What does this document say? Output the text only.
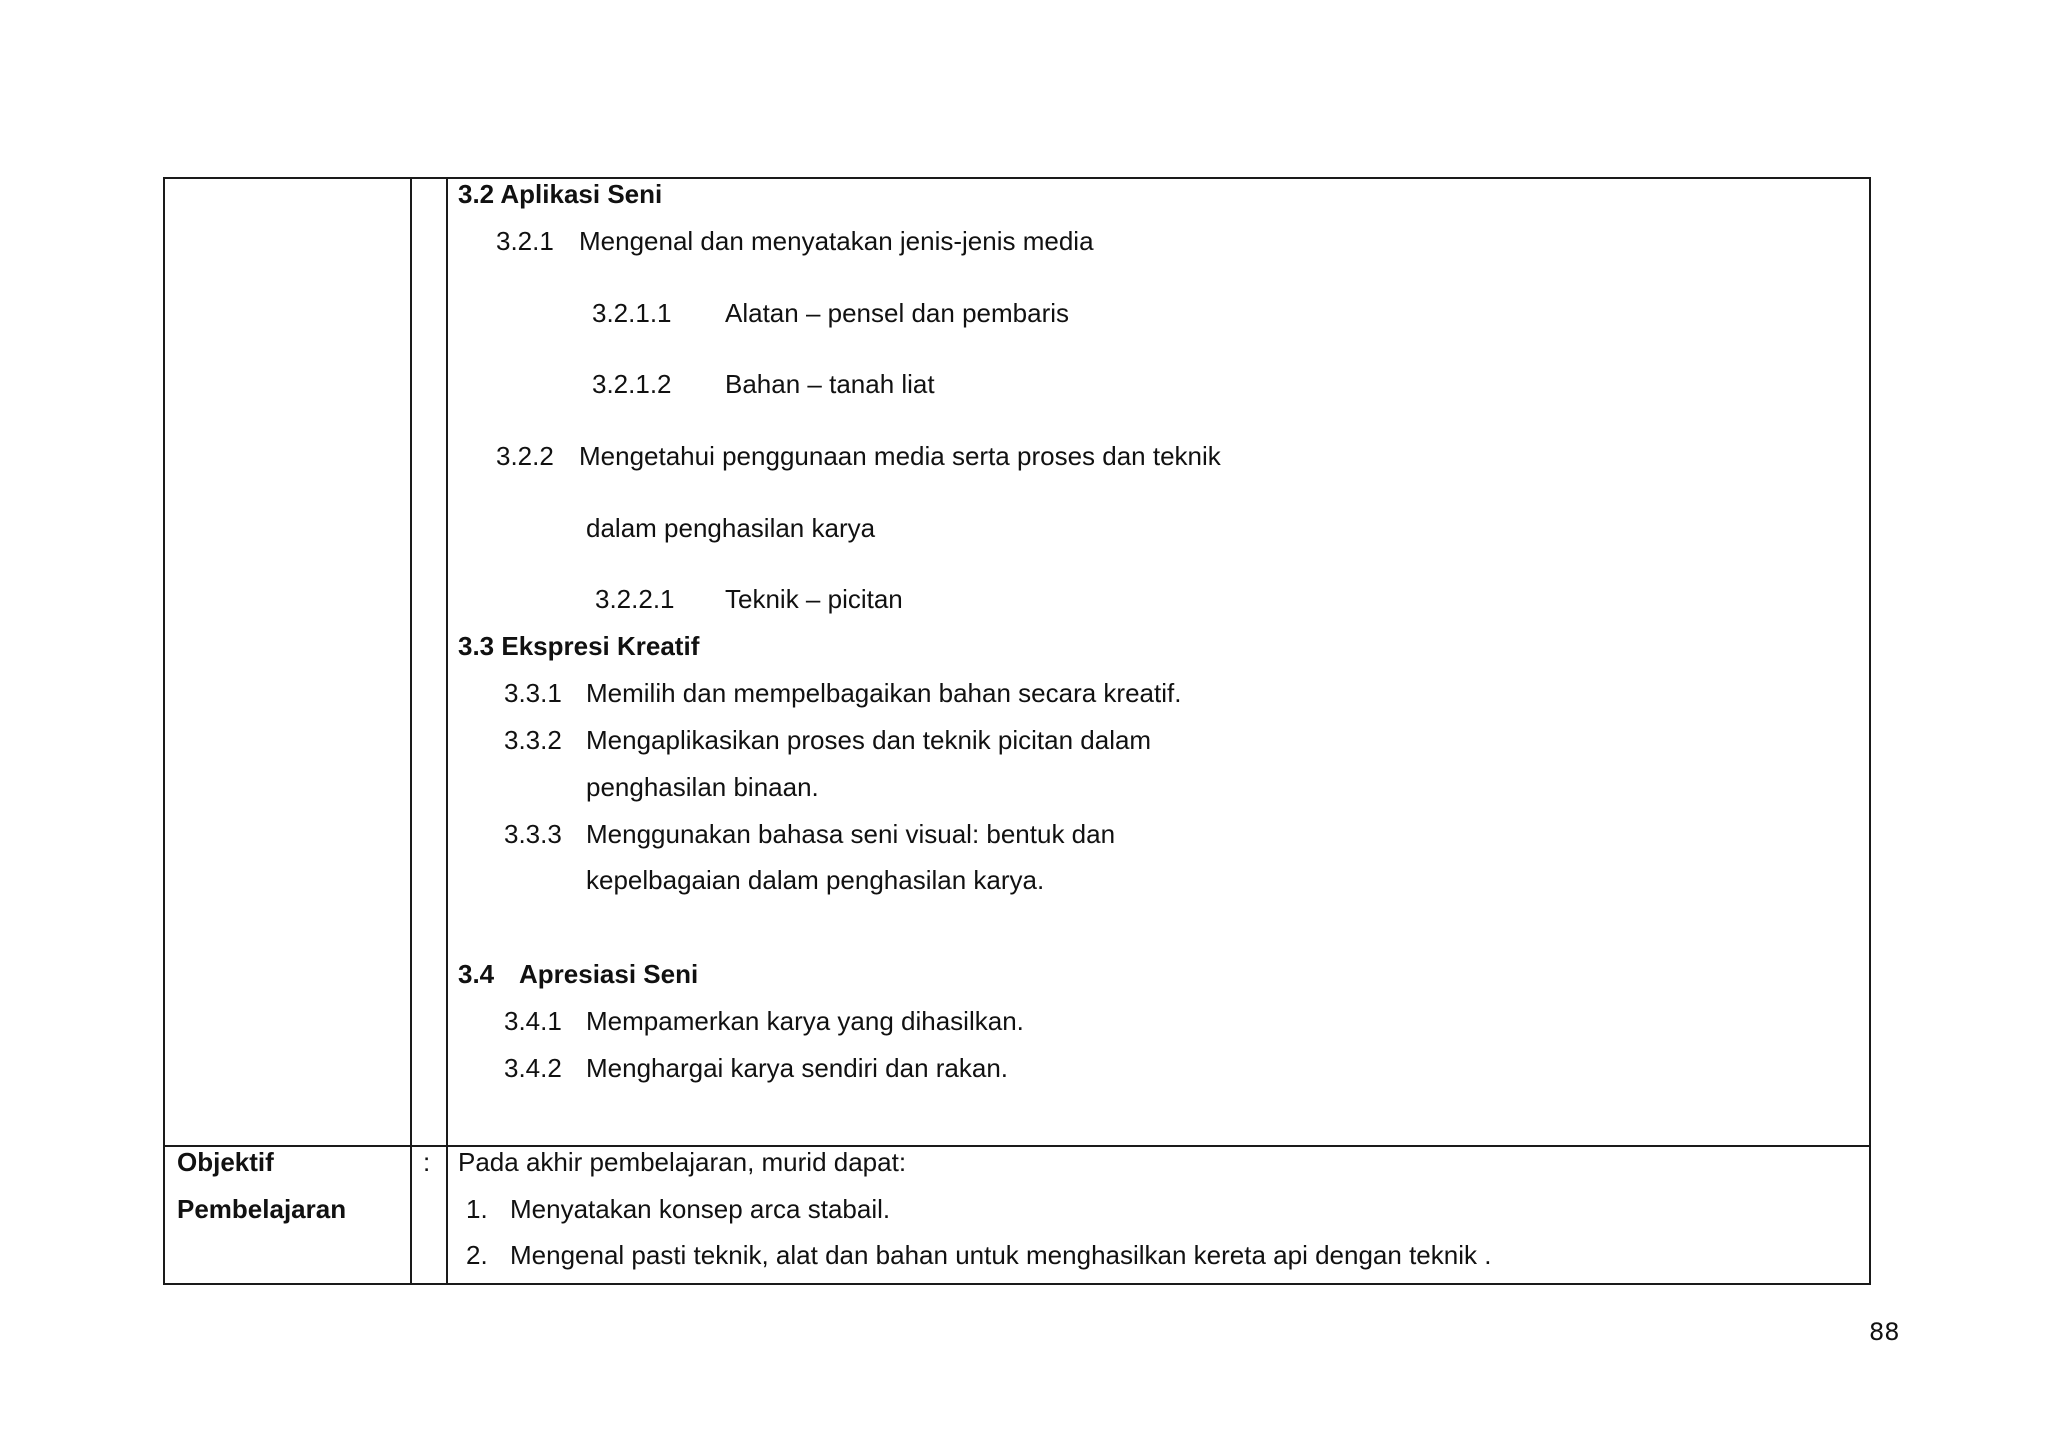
3.2 Aplikasi Seni
3.2.1 Mengenal dan menyatakan jenis-jenis media
3.2.1.1 Alatan – pensel dan pembaris
3.2.1.2 Bahan – tanah liat
3.2.2 Mengetahui penggunaan media serta proses dan teknik
dalam penghasilan karya
3.2.2.1 Teknik – picitan
3.3 Ekspresi Kreatif
3.3.1 Memilih dan mempelbagaikan bahan secara kreatif.
3.3.2 Mengaplikasikan proses dan teknik picitan dalam
penghasilan binaan.
3.3.3 Menggunakan bahasa seni visual: bentuk dan
kepelbagaian dalam penghasilan karya.
3.4 Apresiasi Seni
3.4.1 Mempamerkan karya yang dihasilkan.
3.4.2 Menghargai karya sendiri dan rakan.
Objektif
Pembelajaran
: Pada akhir pembelajaran, murid dapat:
1. Menyatakan konsep arca stabail.
2. Mengenal pasti teknik, alat dan bahan untuk menghasilkan kereta api dengan teknik .
88
